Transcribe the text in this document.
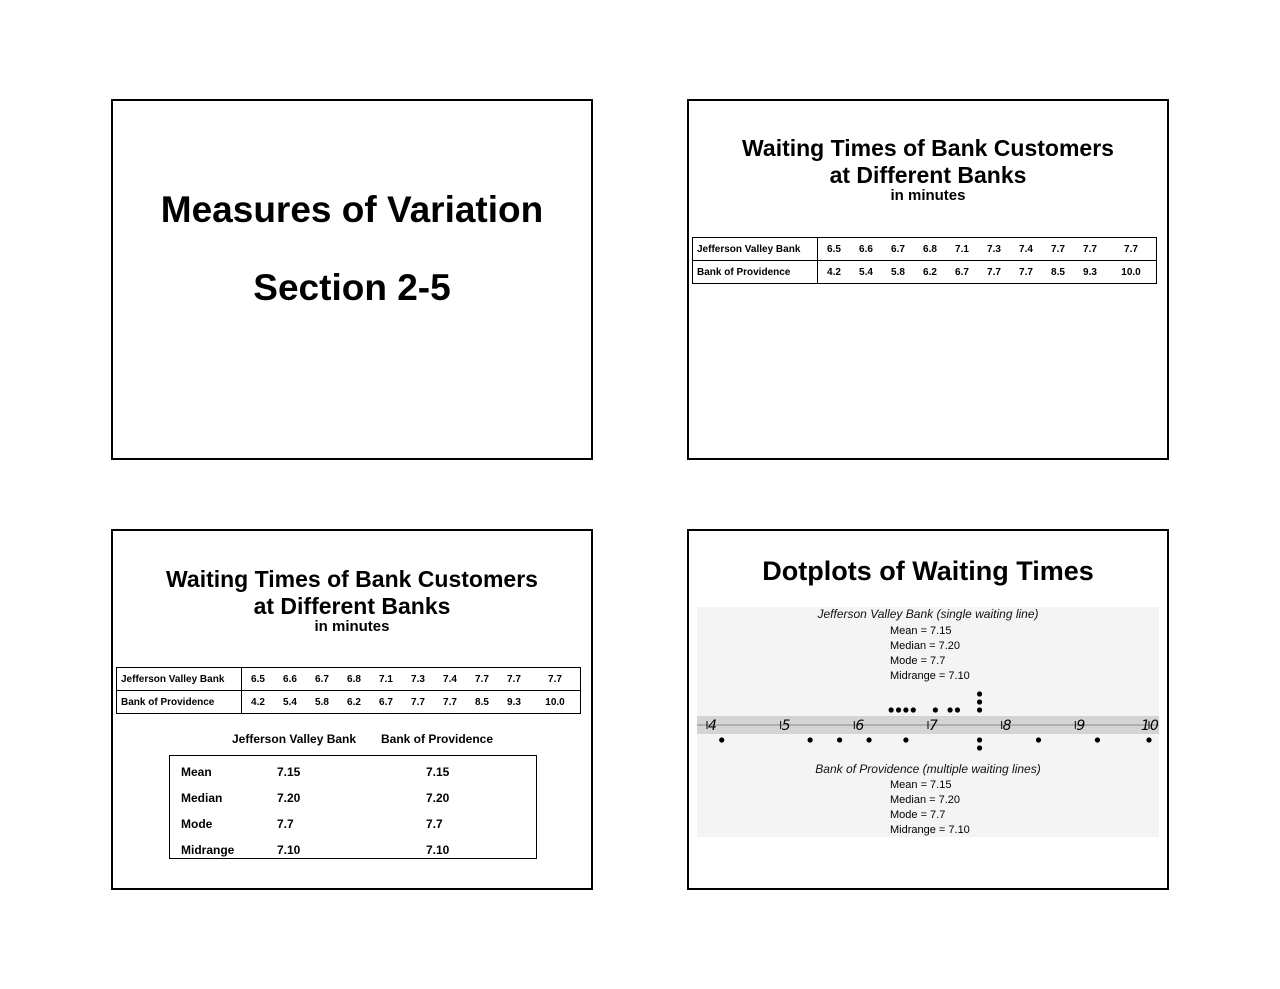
Measures of Variation
Section 2-5
Waiting Times of Bank Customers
at Different Banks
in minutes
Jefferson Valley Bank	6.5	6.6	6.7	6.8	7.1	7.3	7.4	7.7	7.7	7.7
Bank of Providence	4.2	5.4	5.8	6.2	6.7	7.7	7.7	8.5	9.3	10.0
Waiting Times of Bank Customers
at Different Banks
in minutes
Jefferson Valley Bank	6.5	6.6	6.7	6.8	7.1	7.3	7.4	7.7	7.7	7.7
Bank of Providence	4.2	5.4	5.8	6.2	6.7	7.7	7.7	8.5	9.3	10.0
Jefferson Valley Bank Bank of Providence
Mean	7.15	7.15
Median	7.20	7.20
Mode	7.7	7.7
Midrange	7.10	7.10
Dotplots of Waiting Times
Jefferson Valley Bank (single waiting line)
Mean = 7.15
Median = 7.20
Mode = 7.7
Midrange = 7.10
4	5	6	7	8	9	10
Bank of Providence (multiple waiting lines)
Mean = 7.15
Median = 7.20
Mode = 7.7
Midrange = 7.10
